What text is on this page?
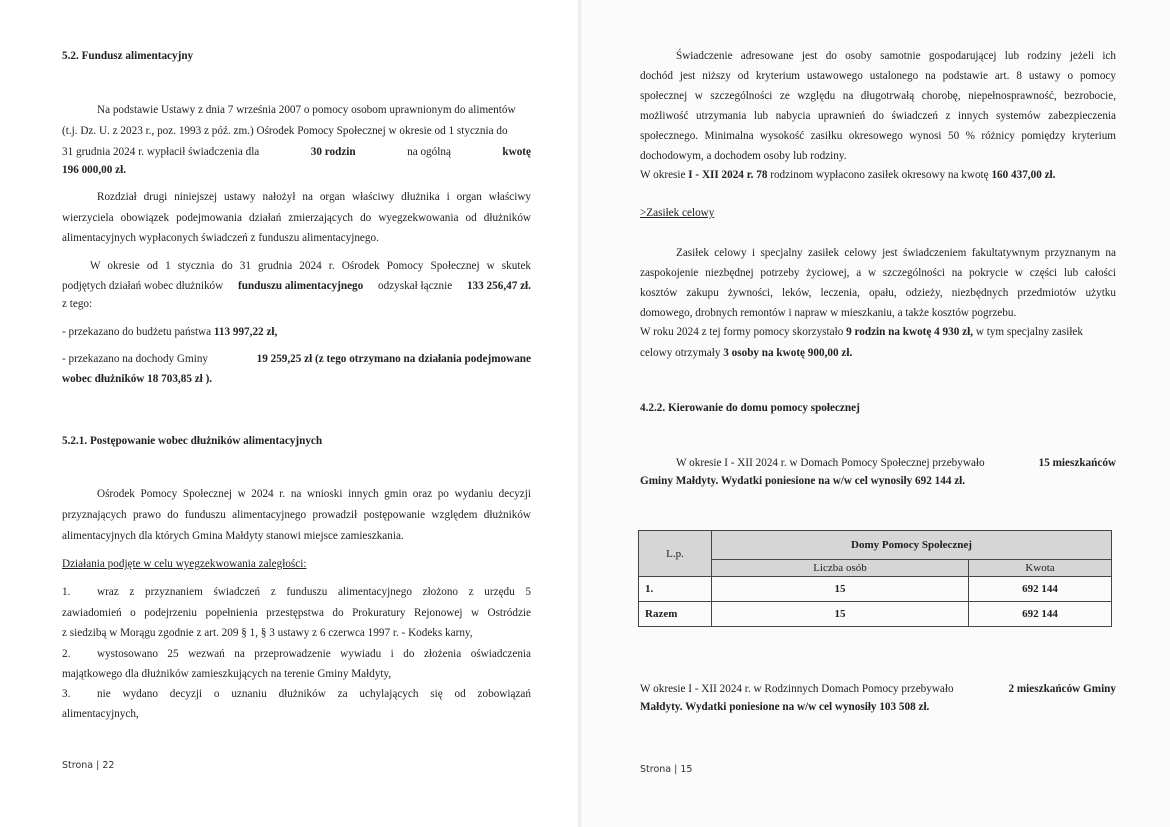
5.2. Fundusz alimentacyjny
Na podstawie Ustawy z dnia 7 września 2007 o pomocy osobom uprawnionym do alimentów
(t.j. Dz. U. z 2023 r., poz. 1993 z póź. zm.) Ośrodek Pomocy Społecznej w okresie od 1 stycznia do
31 grudnia 2024 r. wypłacił świadczenia dla	30 rodzin	na ogólną	kwotę
196 000,00 zł.
Rozdział drugi niniejszej ustawy nałożył na organ właściwy dłużnika i organ właściwy
wierzyciela obowiązek podejmowania działań zmierzających do wyegzekwowania od dłużników
alimentacyjnych wypłaconych świadczeń z funduszu alimentacyjnego.
W okresie od 1 stycznia do 31 grudnia 2024 r. Ośrodek Pomocy Społecznej w skutek
podjętych działań wobec dłużników funduszu alimentacyjnego odzyskał łącznie 133 256,47 zł.
z tego:
- przekazano do budżetu państwa 113 997,22 zł,
- przekazano na dochody Gminy	19 259,25 zł (z tego otrzymano na działania podejmowane
wobec dłużników 18 703,85 zł ).
5.2.1. Postępowanie wobec dłużników alimentacyjnych
Ośrodek Pomocy Społecznej w 2024 r. na wnioski innych gmin oraz po wydaniu decyzji
przyznających prawo do funduszu alimentacyjnego prowadził postępowanie względem dłużników
alimentacyjnych dla których Gmina Małdyty stanowi miejsce zamieszkania.
Działania podjęte w celu wyegzekwowania zaległości:
1. wraz z przyznaniem świadczeń z funduszu alimentacyjnego złożono z urzędu 5
zawiadomień o podejrzeniu popełnienia przestępstwa do Prokuratury Rejonowej w Ostródzie
z siedzibą w Morągu zgodnie z art. 209 § 1, § 3 ustawy z 6 czerwca 1997 r. - Kodeks karny,
2. wystosowano 25 wezwań na przeprowadzenie wywiadu i do złożenia oświadczenia
majątkowego dla dłużników zamieszkujących na terenie Gminy Małdyty,
3. nie wydano decyzji o uznaniu dłużników za uchylających się od zobowiązań
alimentacyjnych,
Strona | 22
Świadczenie adresowane jest do osoby samotnie gospodarującej lub rodziny jeżeli ich
dochód jest niższy od kryterium ustawowego ustalonego na podstawie art. 8 ustawy o pomocy
społecznej w szczególności ze względu na długotrwałą chorobę, niepełnosprawność, bezrobocie,
możliwość utrzymania lub nabycia uprawnień do świadczeń z innych systemów zabezpieczenia
społecznego. Minimalna wysokość zasiłku okresowego wynosi 50 % różnicy pomiędzy kryterium
dochodowym, a dochodem osoby lub rodziny.
W okresie I - XII 2024 r. 78 rodzinom wypłacono zasiłek okresowy na kwotę 160 437,00 zł.
>Zasiłek celowy
Zasiłek celowy i specjalny zasiłek celowy jest świadczeniem fakultatywnym przyznanym na
zaspokojenie niezbędnej potrzeby życiowej, a w szczególności na pokrycie w części lub całości
kosztów zakupu żywności, leków, leczenia, opału, odzieży, niezbędnych przedmiotów użytku
domowego, drobnych remontów i napraw w mieszkaniu, a także kosztów pogrzebu.
W roku 2024 z tej formy pomocy skorzystało 9 rodzin na kwotę 4 930 zł, w tym specjalny zasiłek
celowy otrzymały 3 osoby na kwotę 900,00 zł.
4.2.2. Kierowanie do domu pomocy społecznej
W okresie I - XII 2024 r. w Domach Pomocy Społecznej przebywało	15 mieszkańców
Gminy Małdyty. Wydatki poniesione na w/w cel wynosiły 692 144 zł.
L.p.	Domy Pomocy Społecznej	
	Liczba osób	Kwota
1.	15	692 144
Razem	15	692 144
W okresie I - XII 2024 r. w Rodzinnych Domach Pomocy przebywało	2 mieszkańców Gminy
Małdyty. Wydatki poniesione na w/w cel wynosiły 103 508 zł.
Strona | 15
